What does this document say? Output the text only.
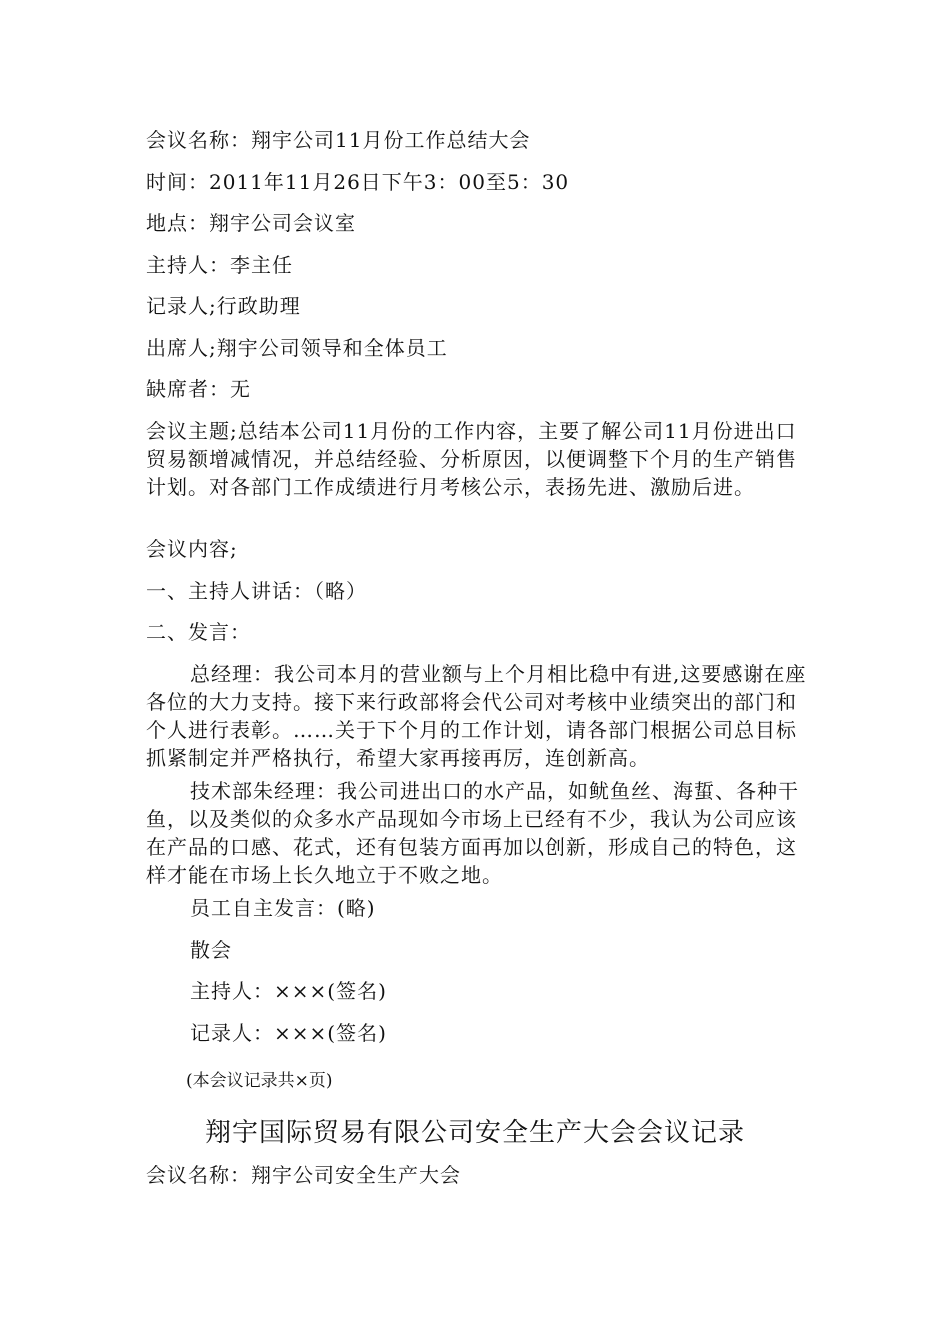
会议名称：翔宇公司11月份工作总结大会
时间：2011年11月26日下午3：00至5：30
地点：翔宇公司会议室
主持人：李主任
记录人;行政助理
出席人;翔宇公司领导和全体员工
缺席者：无
会议主题;总结本公司11月份的工作内容，主要了解公司11月份进出口贸易额增减情况，并总结经验、分析原因，以便调整下个月的生产销售计划。对各部门工作成绩进行月考核公示，表扬先进、激励后进。
会议内容;
一、主持人讲话：（略）
二、发言：
总经理：我公司本月的营业额与上个月相比稳中有进,这要感谢在座各位的大力支持。接下来行政部将会代公司对考核中业绩突出的部门和个人进行表彰。……关于下个月的工作计划，请各部门根据公司总目标抓紧制定并严格执行，希望大家再接再厉，连创新高。
技术部朱经理：我公司进出口的水产品，如鱿鱼丝、海蜇、各种干鱼，以及类似的众多水产品现如今市场上已经有不少，我认为公司应该在产品的口感、花式，还有包装方面再加以创新，形成自己的特色，这样才能在市场上长久地立于不败之地。
员工自主发言：(略)
散会
主持人：×××(签名)
记录人：×××(签名)
(本会议记录共×页)
翔宇国际贸易有限公司安全生产大会会议记录
会议名称：翔宇公司安全生产大会
